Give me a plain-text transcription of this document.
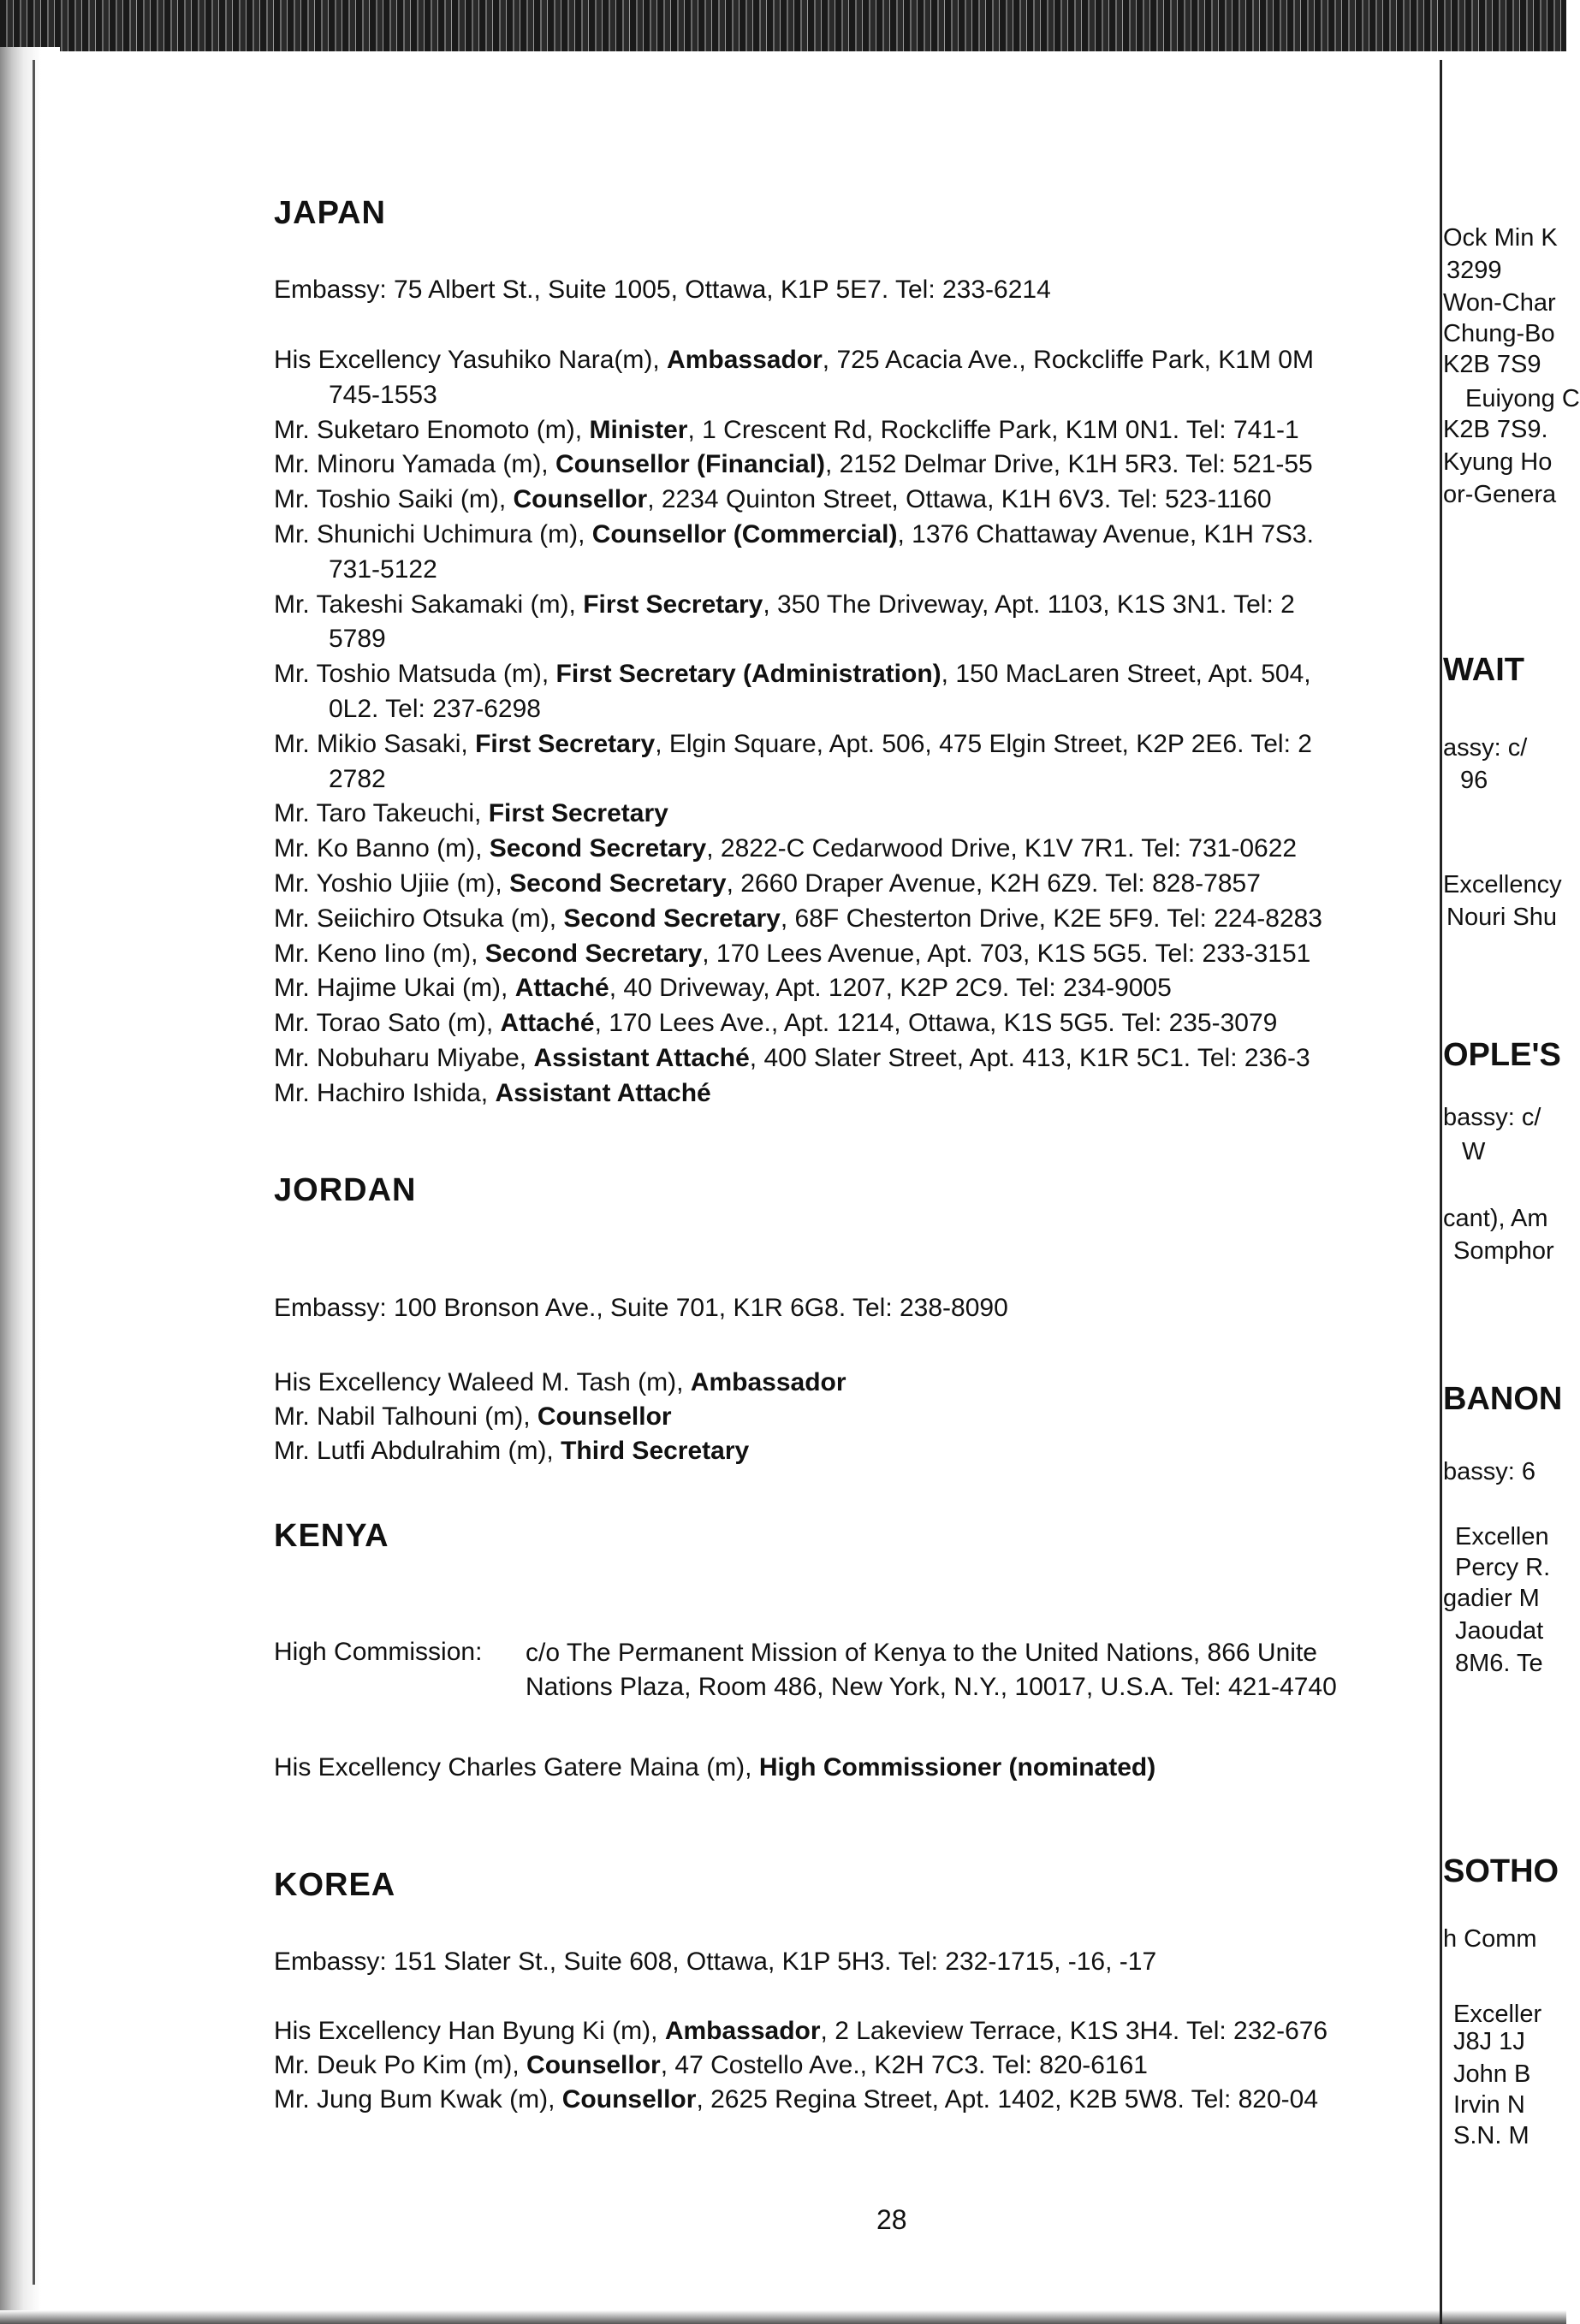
JAPAN
Embassy: 75 Albert St., Suite 1005, Ottawa, K1P 5E7. Tel: 233-6214
His Excellency Yasuhiko Nara(m), Ambassador, 725 Acacia Ave., Rockcliffe Park, K1M 0M
745-1553
Mr. Suketaro Enomoto (m), Minister, 1 Crescent Rd, Rockcliffe Park, K1M 0N1. Tel: 741-1
Mr. Minoru Yamada (m), Counsellor (Financial), 2152 Delmar Drive, K1H 5R3. Tel: 521-55
Mr. Toshio Saiki (m), Counsellor, 2234 Quinton Street, Ottawa, K1H 6V3. Tel: 523-1160
Mr. Shunichi Uchimura (m), Counsellor (Commercial), 1376 Chattaway Avenue, K1H 7S3.
731-5122
Mr. Takeshi Sakamaki (m), First Secretary, 350 The Driveway, Apt. 1103, K1S 3N1. Tel: 2
5789
Mr. Toshio Matsuda (m), First Secretary (Administration), 150 MacLaren Street, Apt. 504,
0L2. Tel: 237-6298
Mr. Mikio Sasaki, First Secretary, Elgin Square, Apt. 506, 475 Elgin Street, K2P 2E6. Tel: 2
2782
Mr. Taro Takeuchi, First Secretary
Mr. Ko Banno (m), Second Secretary, 2822-C Cedarwood Drive, K1V 7R1. Tel: 731-0622
Mr. Yoshio Ujiie (m), Second Secretary, 2660 Draper Avenue, K2H 6Z9. Tel: 828-7857
Mr. Seiichiro Otsuka (m), Second Secretary, 68F Chesterton Drive, K2E 5F9. Tel: 224-8283
Mr. Keno Iino (m), Second Secretary, 170 Lees Avenue, Apt. 703, K1S 5G5. Tel: 233-3151
Mr. Hajime Ukai (m), Attaché, 40 Driveway, Apt. 1207, K2P 2C9. Tel: 234-9005
Mr. Torao Sato (m), Attaché, 170 Lees Ave., Apt. 1214, Ottawa, K1S 5G5. Tel: 235-3079
Mr. Nobuharu Miyabe, Assistant Attaché, 400 Slater Street, Apt. 413, K1R 5C1. Tel: 236-3
Mr. Hachiro Ishida, Assistant Attaché
JORDAN
Embassy: 100 Bronson Ave., Suite 701, K1R 6G8. Tel: 238-8090
His Excellency Waleed M. Tash (m), Ambassador
Mr. Nabil Talhouni (m), Counsellor
Mr. Lutfi Abdulrahim (m), Third Secretary
KENYA
High Commission: c/o The Permanent Mission of Kenya to the United Nations, 866 Unite
Nations Plaza, Room 486, New York, N.Y., 10017, U.S.A. Tel: 421-4740
His Excellency Charles Gatere Maina (m), High Commissioner (nominated)
KOREA
Embassy: 151 Slater St., Suite 608, Ottawa, K1P 5H3. Tel: 232-1715, -16, -17
His Excellency Han Byung Ki (m), Ambassador, 2 Lakeview Terrace, K1S 3H4. Tel: 232-676
Mr. Deuk Po Kim (m), Counsellor, 47 Costello Ave., K2H 7C3. Tel: 820-6161
Mr. Jung Bum Kwak (m), Counsellor, 2625 Regina Street, Apt. 1402, K2B 5W8. Tel: 820-04
28
Ock Min K
3299
Won-Char
Chung-Bo
K2B 7S9
Euiyong C
K2B 7S9.
Kyung Ho
or-Genera
WAIT
assy: c/
96
Excellency
Nouri Shu
OPLE'S
bassy: c/
W
cant), Am
Somphor
BANON
bassy: 6
Excellen
Percy R.
gadier M
Jaoudat
8M6. Te
SOTHO
h Comm
Exceller
J8J 1J
John B
Irvin N
S.N. M
